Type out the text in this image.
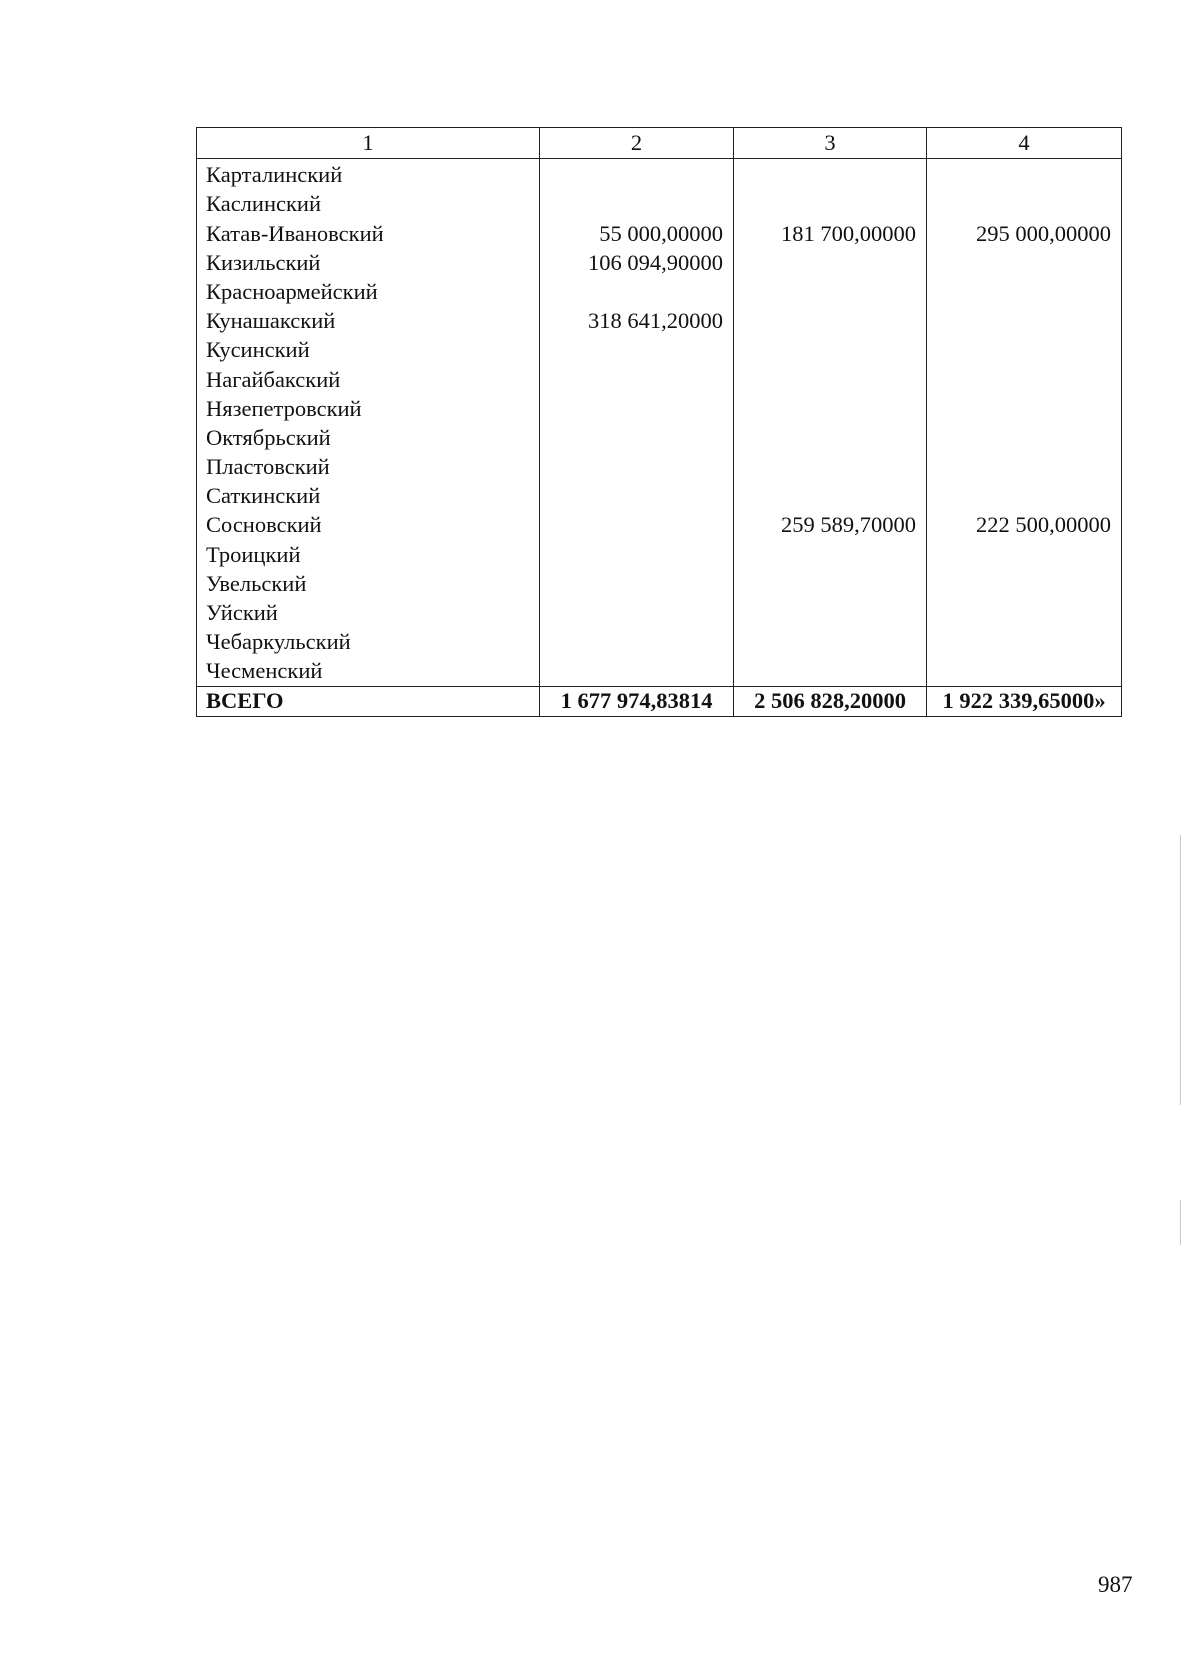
1	2	3	4
Карталинский			
Каслинский			
Катав-Ивановский	55 000,00000	181 700,00000	295 000,00000
Кизильский	106 094,90000		
Красноармейский			
Кунашакский	318 641,20000		
Кусинский			
Нагайбакский			
Нязепетровский			
Октябрьский			
Пластовский			
Саткинский			
Сосновский		259 589,70000	222 500,00000
Троицкий			
Увельский			
Уйский			
Чебаркульский			
Чесменский			
ВСЕГО	1 677 974,83814	2 506 828,20000	1 922 339,65000»
987
